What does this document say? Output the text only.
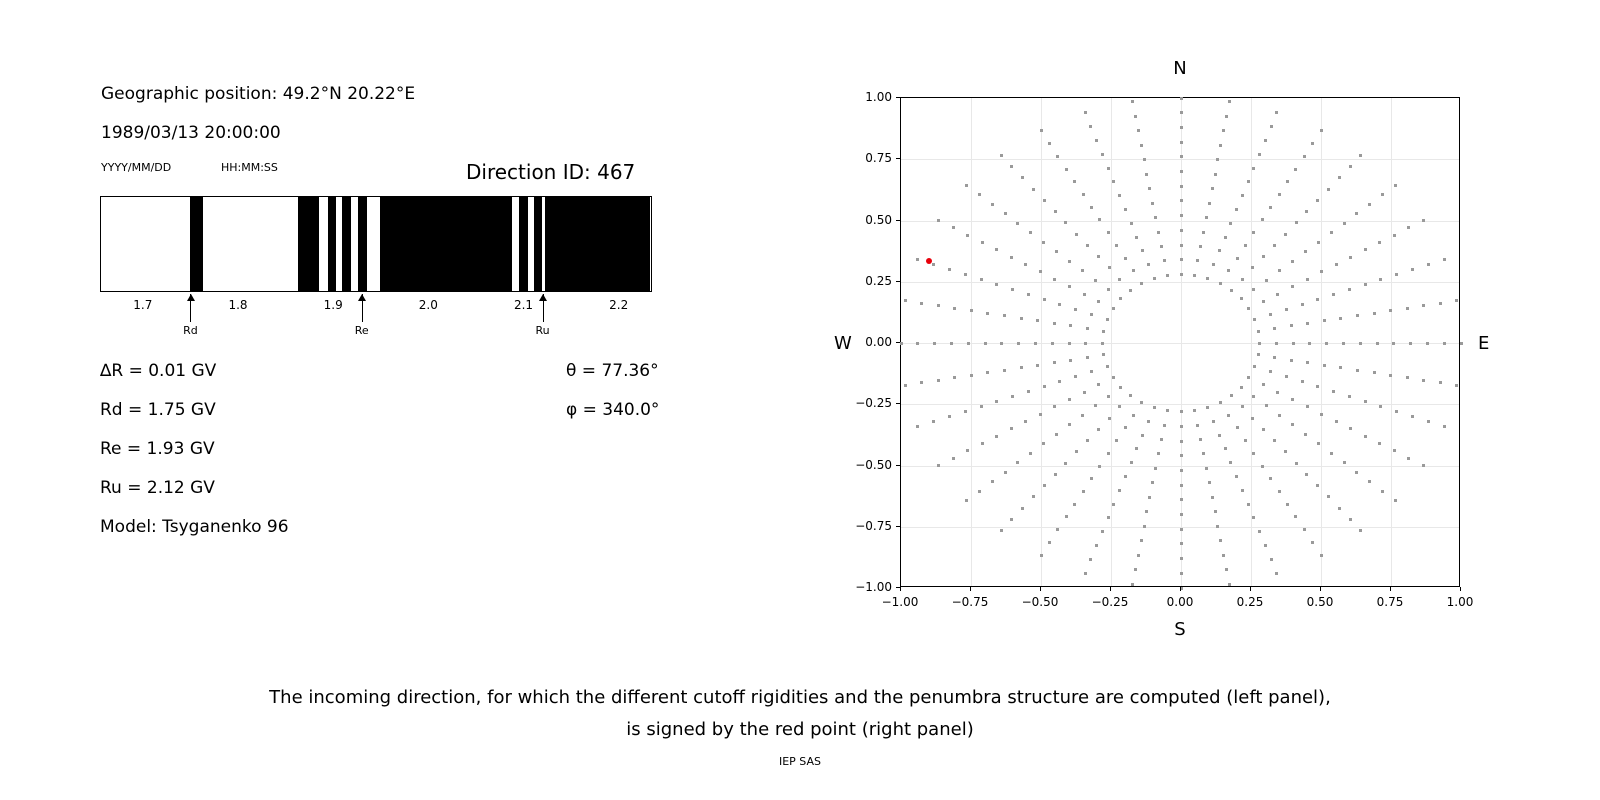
Geographic position: 49.2°N 20.22°E
1989/03/13 20:00:00
YYYY/MM/DD	HH:MM:SS	Direction ID: 467
1.7	1.8	1.9	2.0	2.1	2.2
Rd	Re	Ru
∆R = 0.01 GV
Rd = 1.75 GV
Re = 1.93 GV
Ru = 2.12 GV
Model: Tsyganenko 96
θ = 77.36°
φ = 340.0°
N
S
W	E
−1.00	−0.75	−0.50	−0.25	0.00	0.25	0.50	0.75	1.00
−1.00
−0.75
−0.50
−0.25
0.00
0.25
0.50
0.75
1.00
The incoming direction, for which the different cutoff rigidities and the penumbra structure are computed (left panel),
is signed by the red point (right panel)
IEP SAS
